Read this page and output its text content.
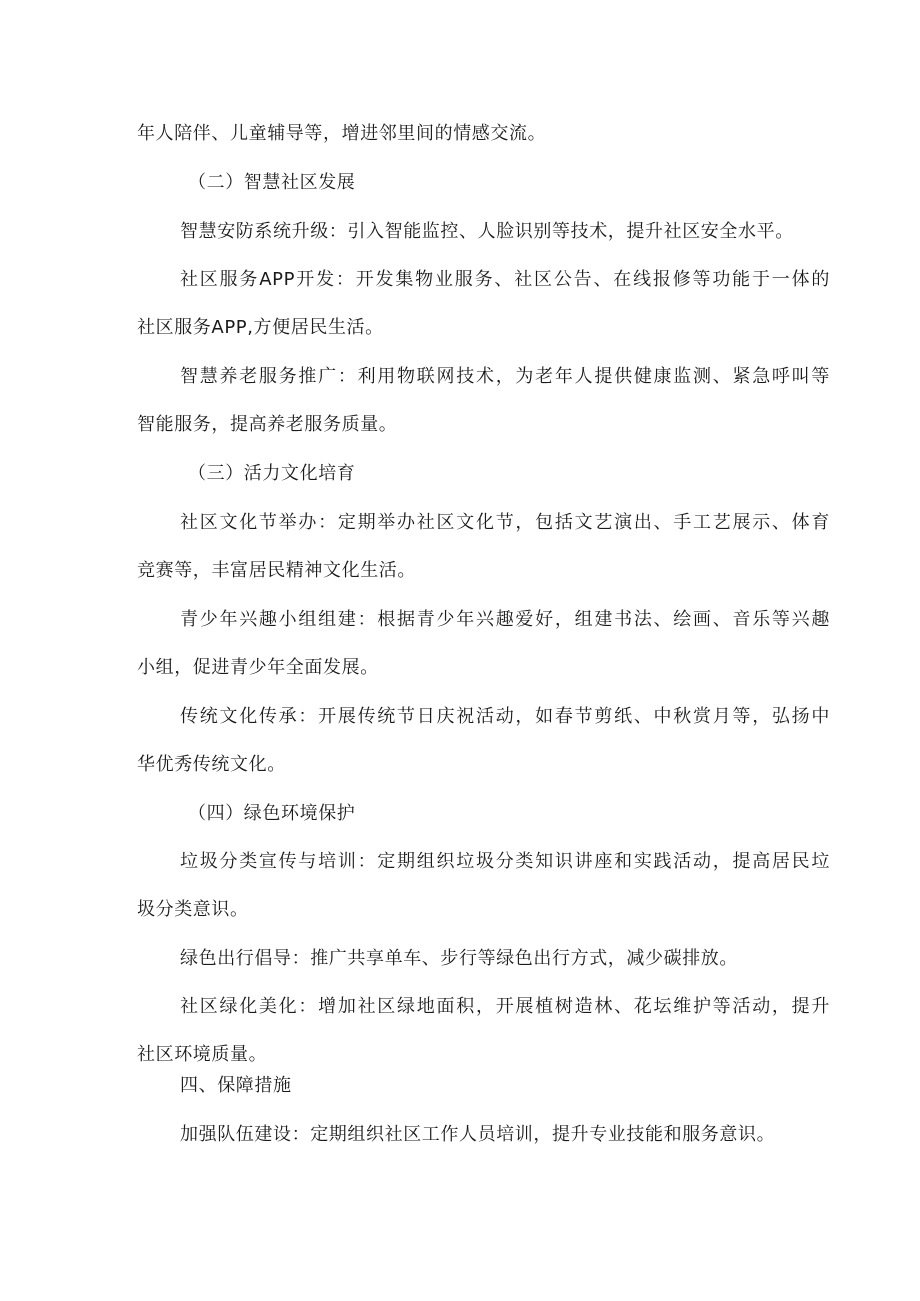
年人陪伴、儿童辅导等，增进邻里间的情感交流。
（二）智慧社区发展
智慧安防系统升级：引入智能监控、人脸识别等技术，提升社区安全水平。
社区服务APP开发：开发集物业服务、社区公告、在线报修等功能于一体的
社区服务APP,方便居民生活。
智慧养老服务推广：利用物联网技术，为老年人提供健康监测、紧急呼叫等
智能服务，提高养老服务质量。
（三）活力文化培育
社区文化节举办：定期举办社区文化节，包括文艺演出、手工艺展示、体育
竞赛等，丰富居民精神文化生活。
青少年兴趣小组组建：根据青少年兴趣爱好，组建书法、绘画、音乐等兴趣
小组，促进青少年全面发展。
传统文化传承：开展传统节日庆祝活动，如春节剪纸、中秋赏月等，弘扬中
华优秀传统文化。
（四）绿色环境保护
垃圾分类宣传与培训：定期组织垃圾分类知识讲座和实践活动，提高居民垃
圾分类意识。
绿色出行倡导：推广共享单车、步行等绿色出行方式，减少碳排放。
社区绿化美化：增加社区绿地面积，开展植树造林、花坛维护等活动，提升
社区环境质量。
四、保障措施
加强队伍建设：定期组织社区工作人员培训，提升专业技能和服务意识。
